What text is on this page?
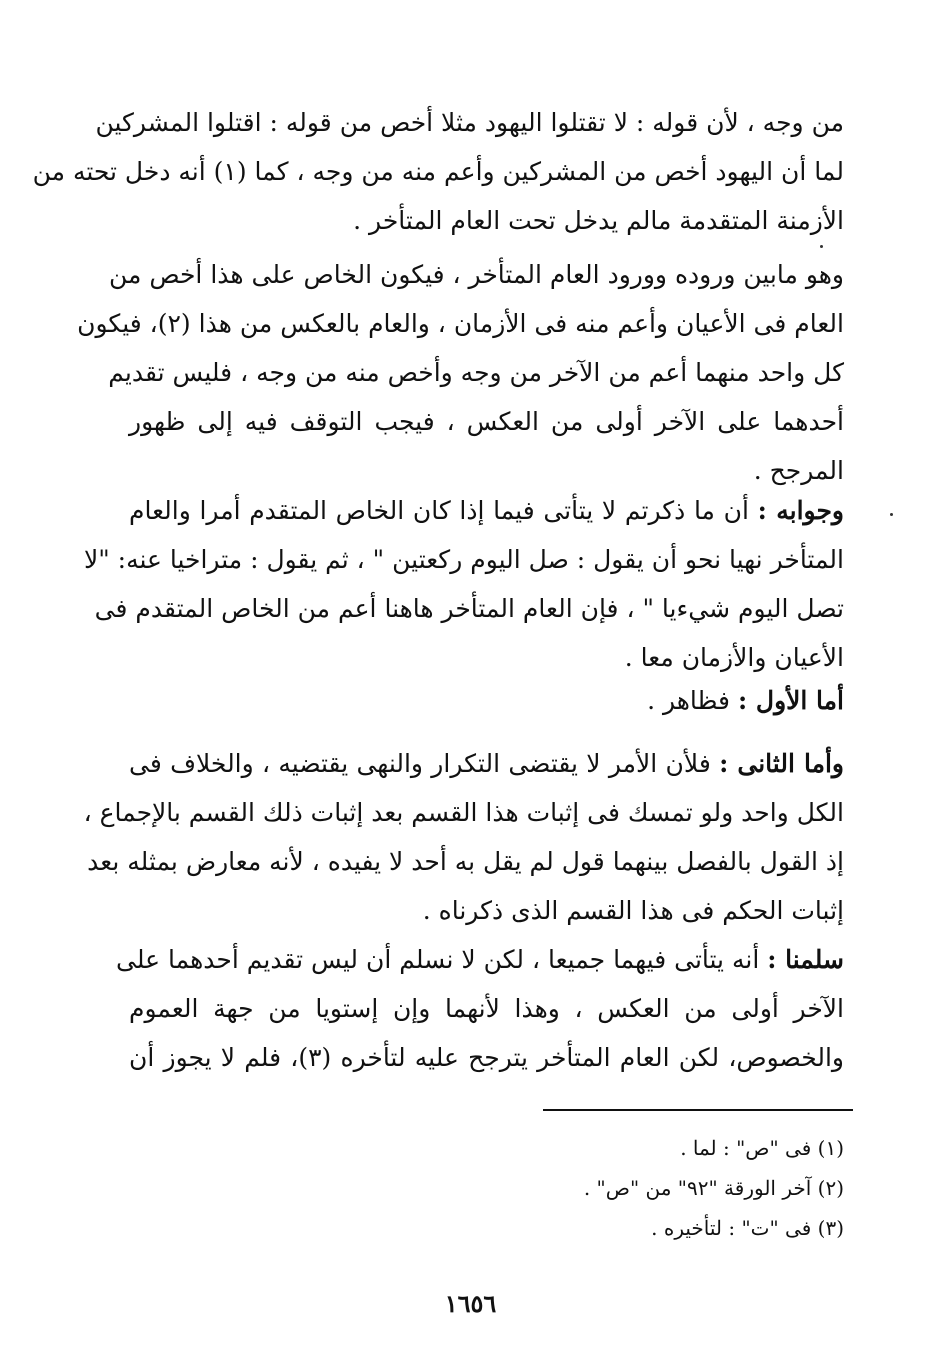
من وجه ، لأن قوله : لا تقتلوا اليهود مثلا أخص من قوله : اقتلوا المشركين
لما أن اليهود أخص من المشركين وأعم منه من وجه ، كما (١) أنه دخل تحته من
الأزمنة المتقدمة مالم يدخل تحت العام المتأخر .

وهو مابين وروده وورود العام المتأخر ، فيكون الخاص على هذا أخص من
العام فى الأعيان وأعم منه فى الأزمان ، والعام بالعكس من هذا (٢)، فيكون
كل واحد منهما أعم من الآخر من وجه وأخص منه من وجه ، فليس تقديم
أحدهما على الآخر أولى من العكس ، فيجب التوقف فيه إلى ظهور
المرجح .

وجوابه : أن ما ذكرتم لا يتأتى فيما إذا كان الخاص المتقدم أمرا والعام
المتأخر نهيا نحو أن يقول : صل اليوم ركعتين " ، ثم يقول : متراخيا عنه: "لا
تصل اليوم شيءيا " ، فإن العام المتأخر هاهنا أعم من الخاص المتقدم فى
الأعيان والأزمان معا .

أما الأول : فظاهر .

وأما الثانى : فلأن الأمر لا يقتضى التكرار والنهى يقتضيه ، والخلاف فى
الكل واحد ولو تمسك فى إثبات هذا القسم بعد إثبات ذلك القسم بالإجماع ،
إذ القول بالفصل بينهما قول لم يقل به أحد لا يفيده ، لأنه معارض بمثله بعد
إثبات الحكم فى هذا القسم الذى ذكرناه .

سلمنا : أنه يتأتى فيهما جميعا ، لكن لا نسلم أن ليس تقديم أحدهما على
الآخر أولى من العكس ، وهذا لأنهما وإن إستويا من جهة العموم
والخصوص، لكن العام المتأخر يترجح عليه لتأخره (٣)، فلم لا يجوز أن

(١) فى "ص" : لما .
(٢) آخر الورقة "٩٢" من "ص" .
(٣) فى "ت" : لتأخيره .
١٦٥٦
